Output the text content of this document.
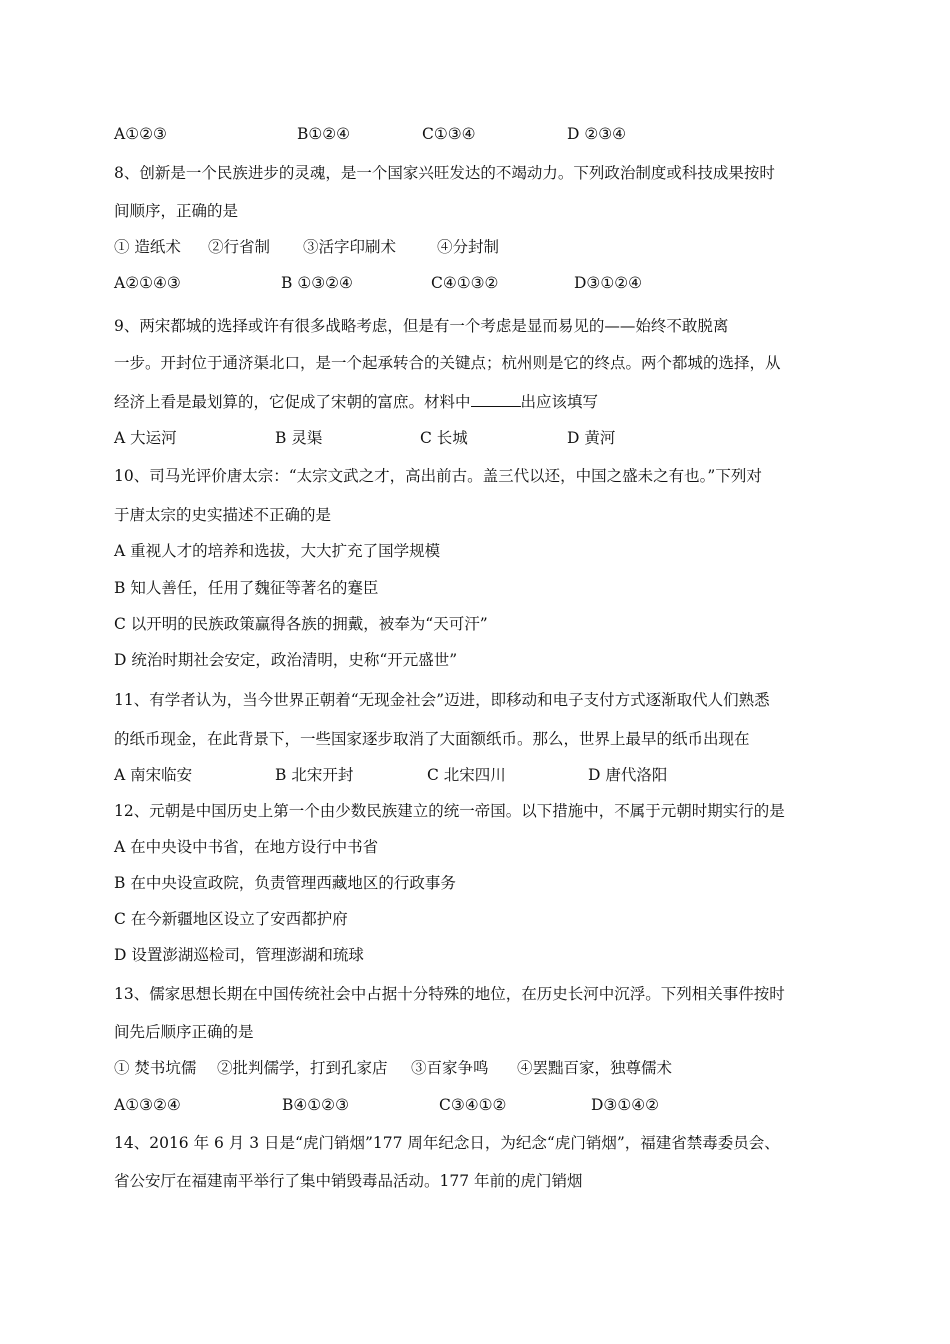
A①②③	B①②④	C①③④	D ②③④
8、创新是一个民族进步的灵魂，是一个国家兴旺发达的不竭动力。下列政治制度或科技成果按时
间顺序，正确的是
① 造纸术 ②行省制 ③活字印刷术	④分封制
A②①④③	B ①③②④	C④①③②	D③①②④
9、两宋都城的选择或许有很多战略考虑，但是有一个考虑是显而易见的——始终不敢脱离
一步。开封位于通济渠北口，是一个起承转合的关键点；杭州则是它的终点。两个都城的选择，从
经济上看是最划算的，它促成了宋朝的富庶。材料中	出应该填写
A 大运河	B 灵渠	C 长城	D 黄河
10、司马光评价唐太宗：“太宗文武之才，高出前古。盖三代以还，中国之盛未之有也。”下列对
于唐太宗的史实描述不正确的是
A 重视人才的培养和选拔，大大扩充了国学规模
B 知人善任，任用了魏征等著名的蹇臣
C 以开明的民族政策赢得各族的拥戴，被奉为“天可汗”
D 统治时期社会安定，政治清明，史称“开元盛世”
11、有学者认为，当今世界正朝着“无现金社会”迈进，即移动和电子支付方式逐渐取代人们熟悉
的纸币现金，在此背景下，一些国家逐步取消了大面额纸币。那么，世界上最早的纸币出现在
A 南宋临安	B 北宋开封	C 北宋四川	D 唐代洛阳
12、元朝是中国历史上第一个由少数民族建立的统一帝国。以下措施中，不属于元朝时期实行的是
A 在中央设中书省，在地方设行中书省
B 在中央设宣政院，负责管理西藏地区的行政事务
C 在今新疆地区设立了安西都护府
D 设置澎湖巡检司，管理澎湖和琉球
13、儒家思想长期在中国传统社会中占据十分特殊的地位，在历史长河中沉浮。下列相关事件按时
间先后顺序正确的是
① 焚书坑儒 ②批判儒学，打到孔家店 ③百家争鸣 ④罢黜百家，独尊儒术
A①③②④	B④①②③	C③④①②	D③①④②
14、2016 年 6 月 3 日是“虎门销烟”177 周年纪念日，为纪念“虎门销烟”，福建省禁毒委员会、
省公安厅在福建南平举行了集中销毁毒品活动。177 年前的虎门销烟
